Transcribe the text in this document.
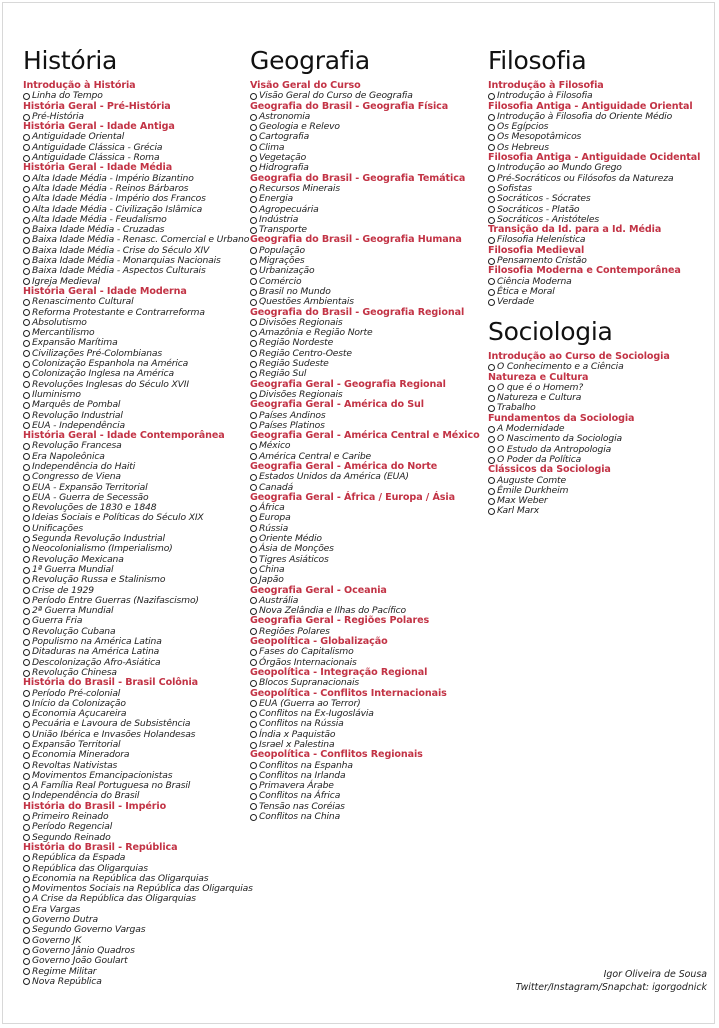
História
Introdução à História
Linha do Tempo
História Geral - Pré-História
Pré-História
História Geral - Idade Antiga
Antiguidade Oriental
Antiguidade Clássica - Grécia
Antiguidade Clássica - Roma
História Geral - Idade Média
Alta Idade Média - Império Bizantino
Alta Idade Média - Reinos Bárbaros
Alta Idade Média - Império dos Francos
Alta Idade Média - Civilização Islâmica
Alta Idade Média - Feudalismo
Baixa Idade Média - Cruzadas
Baixa Idade Média - Renasc. Comercial e Urbano
Baixa Idade Média - Crise do Século XIV
Baixa Idade Média - Monarquias Nacionais
Baixa Idade Média - Aspectos Culturais
Igreja Medieval
História Geral - Idade Moderna
Renascimento Cultural
Reforma Protestante e Contrarreforma
Absolutismo
Mercantilismo
Expansão Marítima
Civilizações Pré-Colombianas
Colonização Espanhola na América
Colonização Inglesa na América
Revoluções Inglesas do Século XVII
Iluminismo
Marquês de Pombal
Revolução Industrial
EUA - Independência
História Geral - Idade Contemporânea
Revolução Francesa
Era Napoleônica
Independência do Haiti
Congresso de Viena
EUA - Expansão Territorial
EUA - Guerra de Secessão
Revoluções de 1830 e 1848
Ideias Sociais e Políticas do Século XIX
Unificações
Segunda Revolução Industrial
Neocolonialismo (Imperialismo)
Revolução Mexicana
1ª Guerra Mundial
Revolução Russa e Stalinismo
Crise de 1929
Período Entre Guerras (Nazifascismo)
2ª Guerra Mundial
Guerra Fria
Revolução Cubana
Populismo na América Latina
Ditaduras na América Latina
Descolonização Afro-Asiática
Revolução Chinesa
História do Brasil - Brasil Colônia
Período Pré-colonial
Início da Colonização
Economia Açucareira
Pecuária e Lavoura de Subsistência
União Ibérica e Invasões Holandesas
Expansão Territorial
Economia Mineradora
Revoltas Nativistas
Movimentos Emancipacionistas
A Família Real Portuguesa no Brasil
Independência do Brasil
História do Brasil - Império
Primeiro Reinado
Período Regencial
Segundo Reinado
História do Brasil - República
República da Espada
República das Oligarquias
Economia na República das Oligarquias
Movimentos Sociais na República das Oligarquias
A Crise da República das Oligarquias
Era Vargas
Governo Dutra
Segundo Governo Vargas
Governo JK
Governo Jânio Quadros
Governo João Goulart
Regime Militar
Nova República
Geografia
Visão Geral do Curso
Visão Geral do Curso de Geografia
Geografia do Brasil - Geografia Física
Astronomia
Geologia e Relevo
Cartografia
Clima
Vegetação
Hidrografia
Geografia do Brasil - Geografia Temática
Recursos Minerais
Energia
Agropecuária
Indústria
Transporte
Geografia do Brasil - Geografia Humana
População
Migrações
Urbanização
Comércio
Brasil no Mundo
Questões Ambientais
Geografia do Brasil - Geografia Regional
Divisões Regionais
Amazônia e Região Norte
Região Nordeste
Região Centro-Oeste
Região Sudeste
Região Sul
Geografia Geral - Geografia Regional
Divisões Regionais
Geografia Geral - América do Sul
Países Andinos
Países Platinos
Geografia Geral - América Central e México
México
América Central e Caribe
Geografia Geral - América do Norte
Estados Unidos da América (EUA)
Canadá
Geografia Geral - África / Europa / Ásia
África
Europa
Rússia
Oriente Médio
Ásia de Monções
Tigres Asiáticos
China
Japão
Geografia Geral - Oceania
Austrália
Nova Zelândia e Ilhas do Pacífico
Geografia Geral - Regiões Polares
Regiões Polares
Geopolítica - Globalização
Fases do Capitalismo
Órgãos Internacionais
Geopolítica - Integração Regional
Blocos Supranacionais
Geopolítica - Conflitos Internacionais
EUA (Guerra ao Terror)
Conflitos na Ex-Iugoslávia
Conflitos na Rússia
Índia x Paquistão
Israel x Palestina
Geopolítica - Conflitos Regionais
Conflitos na Espanha
Conflitos na Irlanda
Primavera Árabe
Conflitos na África
Tensão nas Coréias
Conflitos na China
Filosofia
Introdução à Filosofia
Introdução à Filosofia
Filosofia Antiga - Antiguidade Oriental
Introdução à Filosofia do Oriente Médio
Os Egípcios
Os Mesopotâmicos
Os Hebreus
Filosofia Antiga - Antiguidade Ocidental
Introdução ao Mundo Grego
Pré-Socráticos ou Filósofos da Natureza
Sofistas
Socráticos - Sócrates
Socráticos - Platão
Socráticos - Aristóteles
Transição da Id. para a Id. Média
Filosofia Helenística
Filosofia Medieval
Pensamento Cristão
Filosofia Moderna e Contemporânea
Ciência Moderna
Ética e Moral
Verdade
Sociologia
Introdução ao Curso de Sociologia
O Conhecimento e a Ciência
Natureza e Cultura
O que é o Homem?
Natureza e Cultura
Trabalho
Fundamentos da Sociologia
A Modernidade
O Nascimento da Sociologia
O Estudo da Antropologia
O Poder da Política
Clássicos da Sociologia
Auguste Comte
Émile Durkheim
Max Weber
Karl Marx
Igor Oliveira de Sousa
Twitter/Instagram/Snapchat: igorgodnick
